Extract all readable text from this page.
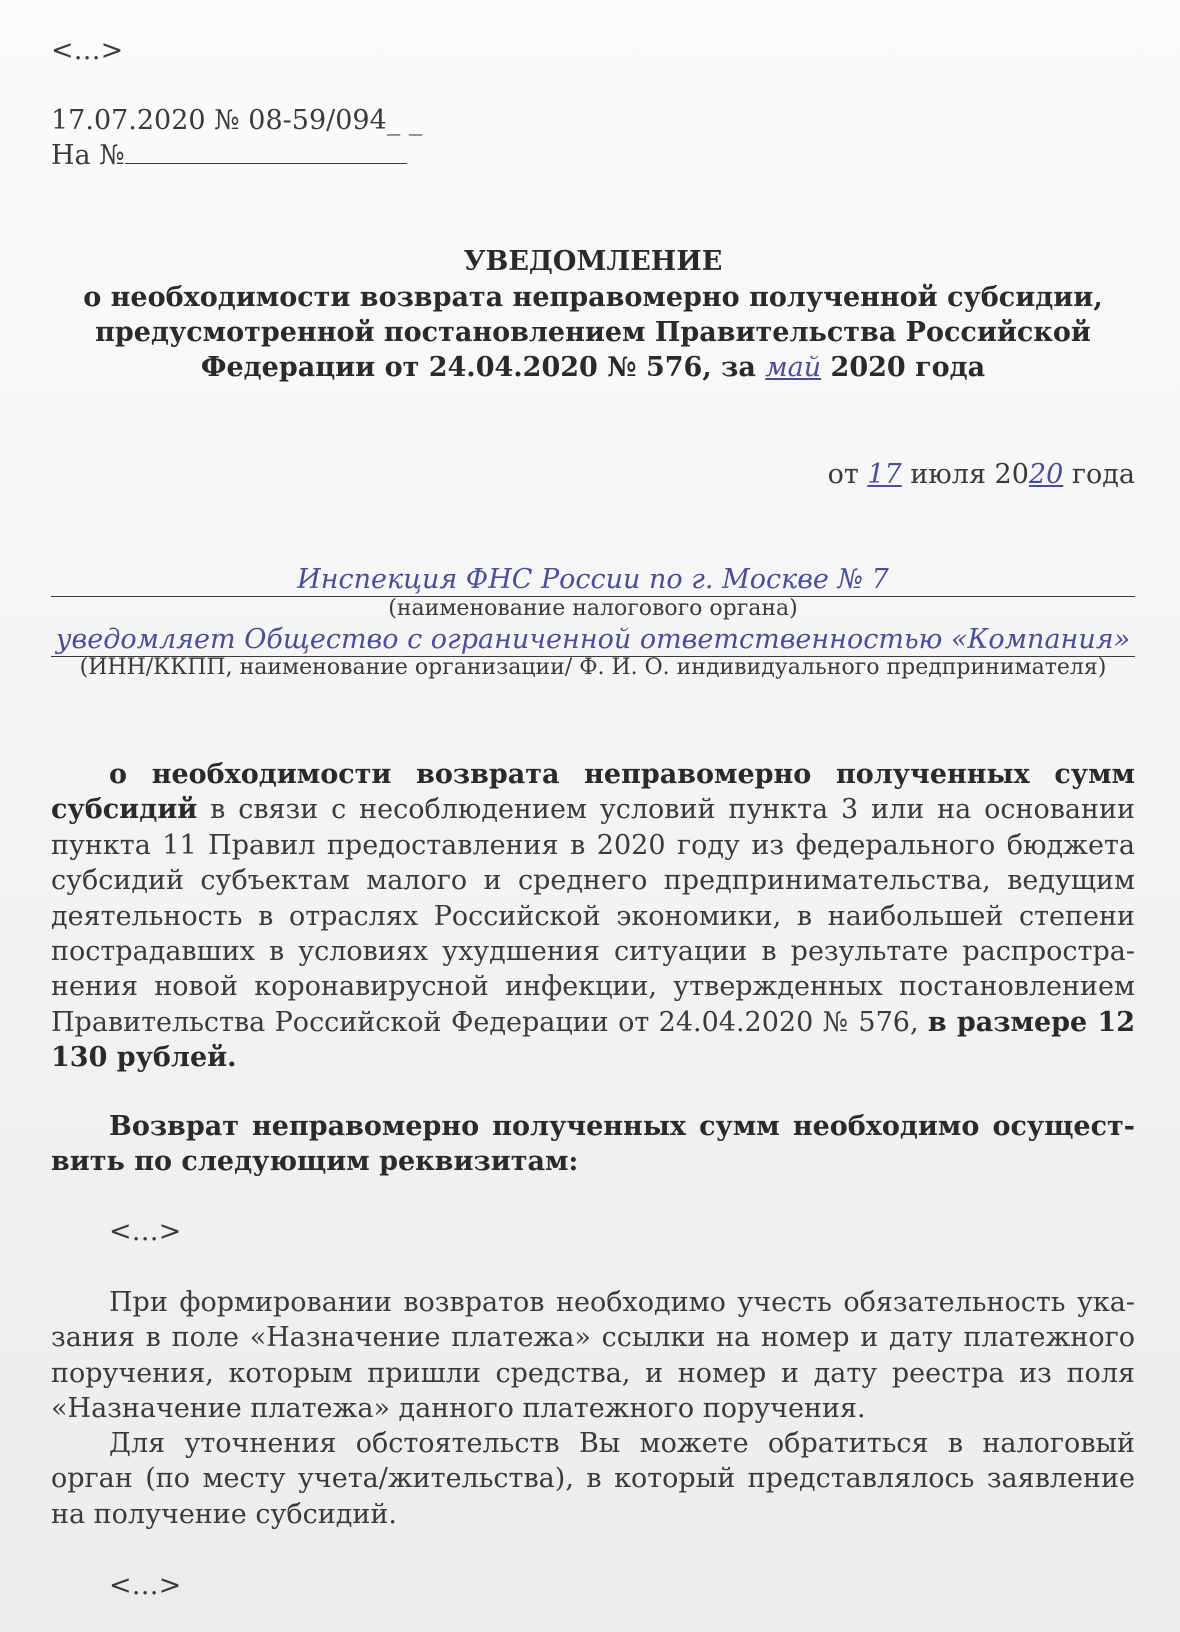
<…>
17.07.2020 № 08-59/094_ _
На №
УВЕДОМЛЕНИЕ
о необходимости возврата неправомерно полученной субсидии,
предусмотренной постановлением Правительства Российской
Федерации от 24.04.2020 № 576, за май 2020 года
от 17 июля 2020 года
Инспекция ФНС России по г. Москве № 7
(наименование налогового органа)
уведомляет Общество с ограниченной ответственностью «Компания»
(ИНН/ККПП, наименование организации/ Ф. И. О. индивидуального предпринимателя)
о необходимости возврата неправомерно полученных сумм субсидий в связи с несоблюдением условий пункта 3 или на основании пункта 11 Правил предоставления в 2020 году из федерального бюджета субсидий субъектам малого и среднего предпринимательства, ведущим деятельность в отраслях Российской экономики, в наибольшей степени пострадавших в условиях ухудшения ситуации в результате распространения новой коронавирусной инфекции, утвержденных постановлением Правительства Российской Федерации от 24.04.2020 № 576, в размере 12 130 рублей.
Возврат неправомерно полученных сумм необходимо осуществить по следующим реквизитам:
<…>
При формировании возвратов необходимо учесть обязательность указания в поле «Назначение платежа» ссылки на номер и дату платежного поручения, которым пришли средства, и номер и дату реестра из поля «Назначение платежа» данного платежного поручения.
Для уточнения обстоятельств Вы можете обратиться в налоговый орган (по месту учета/жительства), в который представлялось заявление на получение субсидий.
<…>
